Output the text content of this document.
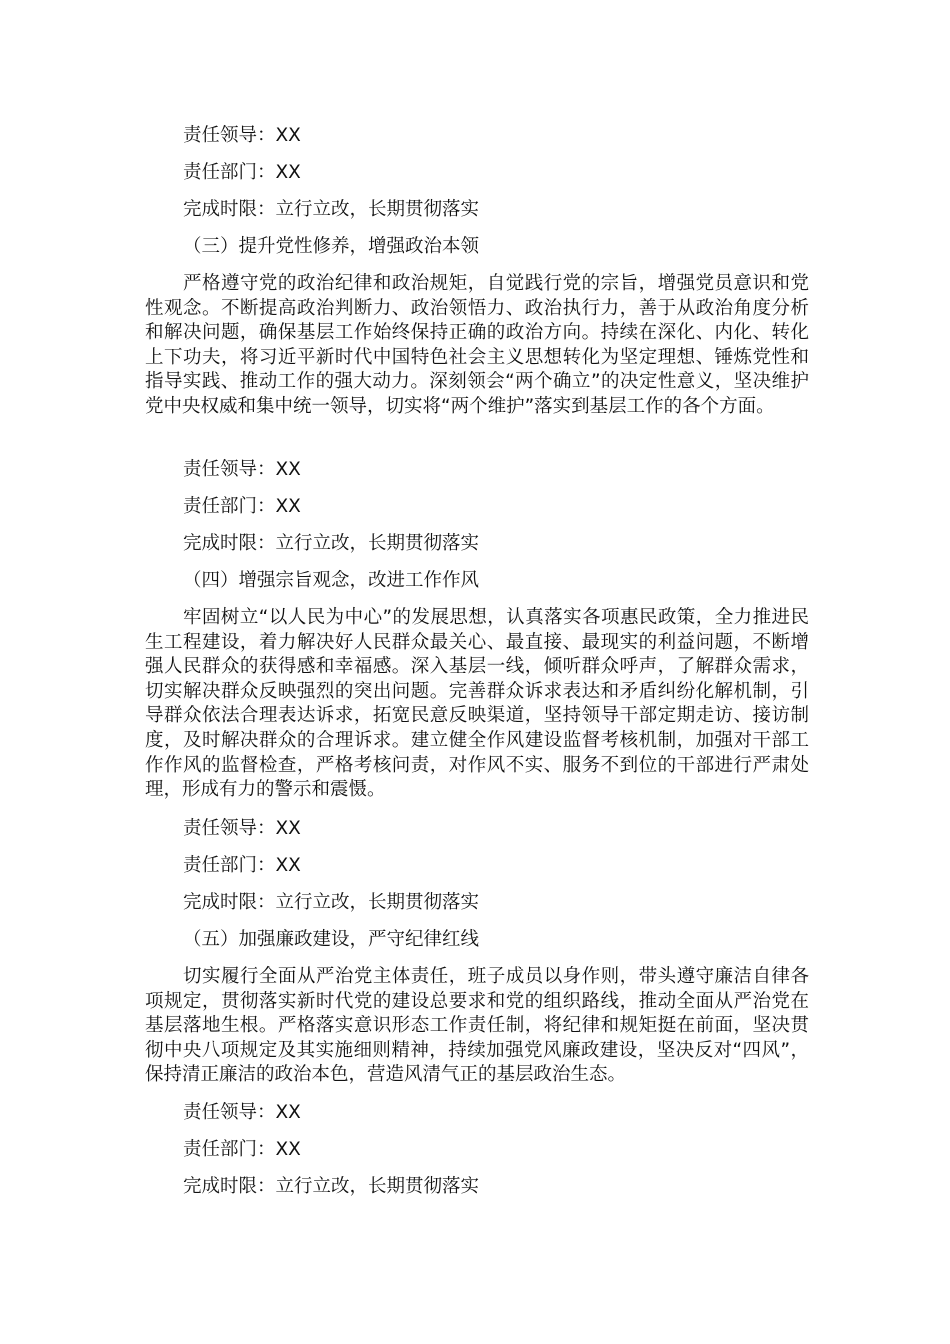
责任领导：XX
责任部门：XX
完成时限：立行立改，长期贯彻落实
（三）提升党性修养，增强政治本领

严格遵守党的政治纪律和政治规矩，自觉践行党的宗旨，增强党员意识和党性观念。不断提高政治判断力、政治领悟力、政治执行力，善于从政治角度分析和解决问题，确保基层工作始终保持正确的政治方向。持续在深化、内化、转化上下功夫，将习近平新时代中国特色社会主义思想转化为坚定理想、锤炼党性和指导实践、推动工作的强大动力。深刻领会“两个确立”的决定性意义，坚决维护党中央权威和集中统一领导，切实将“两个维护”落实到基层工作的各个方面。

责任领导：XX
责任部门：XX
完成时限：立行立改，长期贯彻落实
（四）增强宗旨观念，改进工作作风

牢固树立“以人民为中心”的发展思想，认真落实各项惠民政策，全力推进民生工程建设，着力解决好人民群众最关心、最直接、最现实的利益问题，不断增强人民群众的获得感和幸福感。深入基层一线，倾听群众呼声，了解群众需求，切实解决群众反映强烈的突出问题。完善群众诉求表达和矛盾纠纷化解机制，引导群众依法合理表达诉求，拓宽民意反映渠道，坚持领导干部定期走访、接访制度，及时解决群众的合理诉求。建立健全作风建设监督考核机制，加强对干部工作作风的监督检查，严格考核问责，对作风不实、服务不到位的干部进行严肃处理，形成有力的警示和震慑。

责任领导：XX
责任部门：XX
完成时限：立行立改，长期贯彻落实
（五）加强廉政建设，严守纪律红线

切实履行全面从严治党主体责任，班子成员以身作则，带头遵守廉洁自律各项规定，贯彻落实新时代党的建设总要求和党的组织路线，推动全面从严治党在基层落地生根。严格落实意识形态工作责任制，将纪律和规矩挺在前面，坚决贯彻中央八项规定及其实施细则精神，持续加强党风廉政建设，坚决反对“四风”，保持清正廉洁的政治本色，营造风清气正的基层政治生态。

责任领导：XX
责任部门：XX
完成时限：立行立改，长期贯彻落实
